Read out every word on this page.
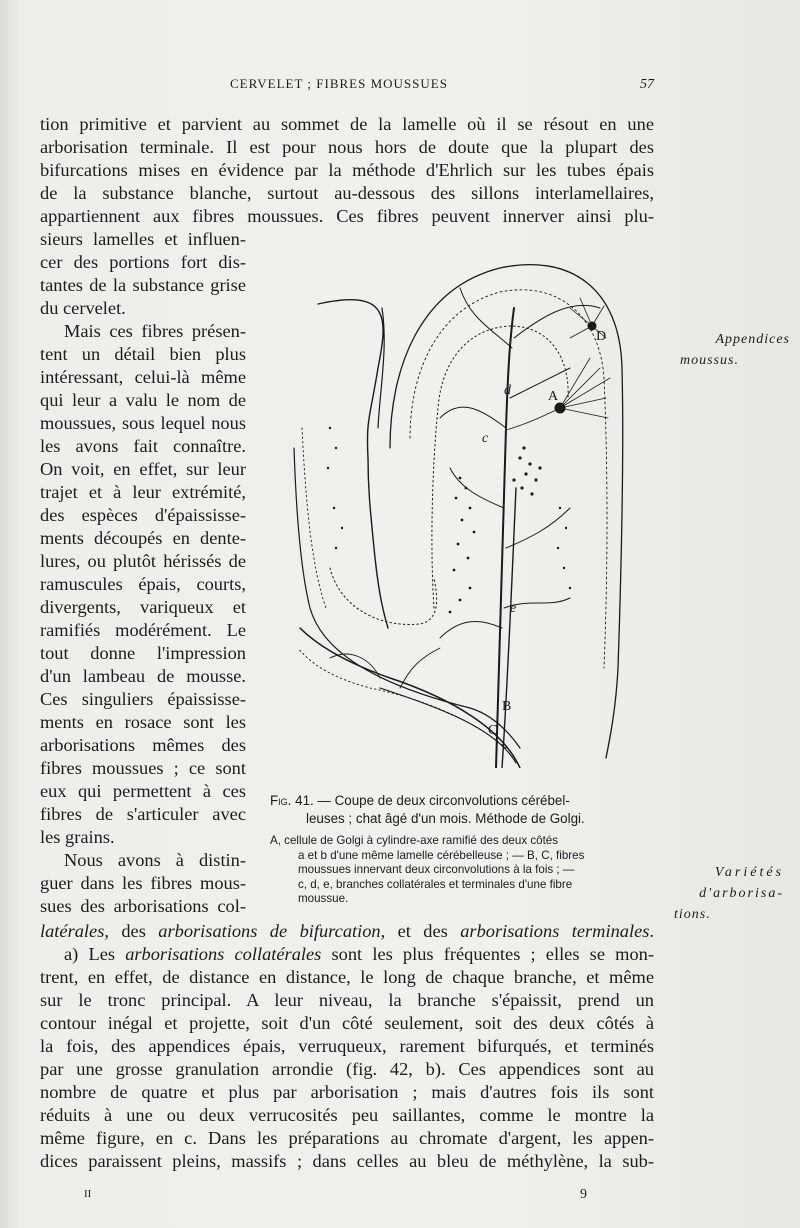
CERVELET ; FIBRES MOUSSUES	57
tion primitive et parvient au sommet de la lamelle où il se résout en une
arborisation terminale. Il est pour nous hors de doute que la plupart des
bifurcations mises en évidence par la méthode d'Ehrlich sur les tubes épais
de la substance blanche, surtout au-dessous des sillons interlamellaires,
appartiennent aux fibres moussues. Ces fibres peuvent innerver ainsi plu-
sieurs lamelles et influen-
cer des portions fort dis-
tantes de la substance grise
du cervelet.
Mais ces fibres présen-
tent un détail bien plus
intéressant, celui-là même
qui leur a valu le nom de
moussues, sous lequel nous
les avons fait connaître.
On voit, en effet, sur leur
trajet et à leur extrémité,
des espèces d'épaississe-
ments découpés en dente-
lures, ou plutôt hérissés de
ramuscules épais, courts,
divergents, variqueux et
ramifiés modérément. Le
tout donne l'impression
d'un lambeau de mousse.
Ces singuliers épaississe-
ments en rosace sont les
arborisations mêmes des
fibres moussues ; ce sont
eux qui permettent à ces
fibres de s'articuler avec
les grains.
Nous avons à distin-
guer dans les fibres mous-
sues des arborisations col-
latérales, des arborisations de bifurcation, et des arborisations terminales.
a) Les arborisations collatérales sont les plus fréquentes ; elles se mon-
trent, en effet, de distance en distance, le long de chaque branche, et même
sur le tronc principal. A leur niveau, la branche s'épaissit, prend un
contour inégal et projette, soit d'un côté seulement, soit des deux côtés à
la fois, des appendices épais, verruqueux, rarement bifurqués, et terminés
par une grosse granulation arrondie (fig. 42, b). Ces appendices sont au
nombre de quatre et plus par arborisation ; mais d'autres fois ils sont
réduits à une ou deux verrucosités peu saillantes, comme le montre la
même figure, en c. Dans les préparations au chromate d'argent, les appen-
dices paraissent pleins, massifs ; dans celles au bleu de méthylène, la sub-
Appendices
moussus.
Variétés
d'arborisa-
tions.
D
A
d
c
e
B
C
Fig. 41. — Coupe de deux circonvolutions cérébel-
leuses ; chat âgé d'un mois. Méthode de Golgi.
A, cellule de Golgi à cylindre-axe ramifié des deux côtés
a et b d'une même lamelle cérébelleuse ; — B, C, fibres
moussues innervant deux circonvolutions à la fois ; —
c, d, e, branches collatérales et terminales d'une fibre
moussue.
II	9
